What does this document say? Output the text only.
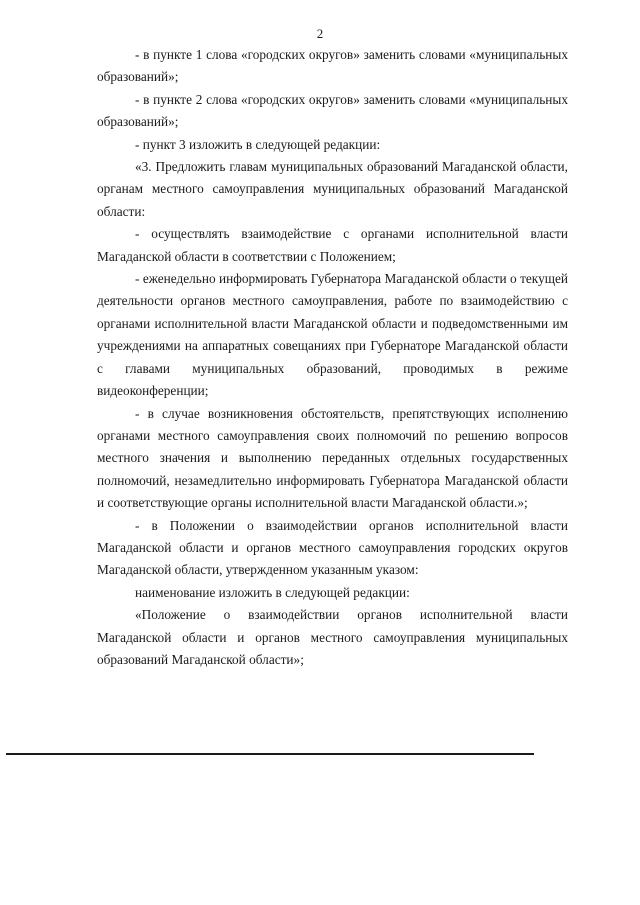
2

- в пункте 1 слова «городских округов» заменить словами «муниципальных образований»;

- в пункте 2 слова «городских округов» заменить словами «муниципальных образований»;

- пункт 3 изложить в следующей редакции:

«3. Предложить главам муниципальных образований Магаданской области, органам местного самоуправления муниципальных образований Магаданской области:

- осуществлять взаимодействие с органами исполнительной власти Магаданской области в соответствии с Положением;

- еженедельно информировать Губернатора Магаданской области о текущей деятельности органов местного самоуправления, работе по взаимодействию с органами исполнительной власти Магаданской области и подведомственными им учреждениями на аппаратных совещаниях при Губернаторе Магаданской области с главами муниципальных образований, проводимых в режиме видеоконференции;

- в случае возникновения обстоятельств, препятствующих исполнению органами местного самоуправления своих полномочий по решению вопросов местного значения и выполнению переданных отдельных государственных полномочий, незамедлительно информировать Губернатора Магаданской области и соответствующие органы исполнительной власти Магаданской области.»;

- в Положении о взаимодействии органов исполнительной власти Магаданской области и органов местного самоуправления городских округов Магаданской области, утвержденном указанным указом:

наименование изложить в следующей редакции:

«Положение о взаимодействии органов исполнительной власти Магаданской области и органов местного самоуправления муниципальных образований Магаданской области»;
